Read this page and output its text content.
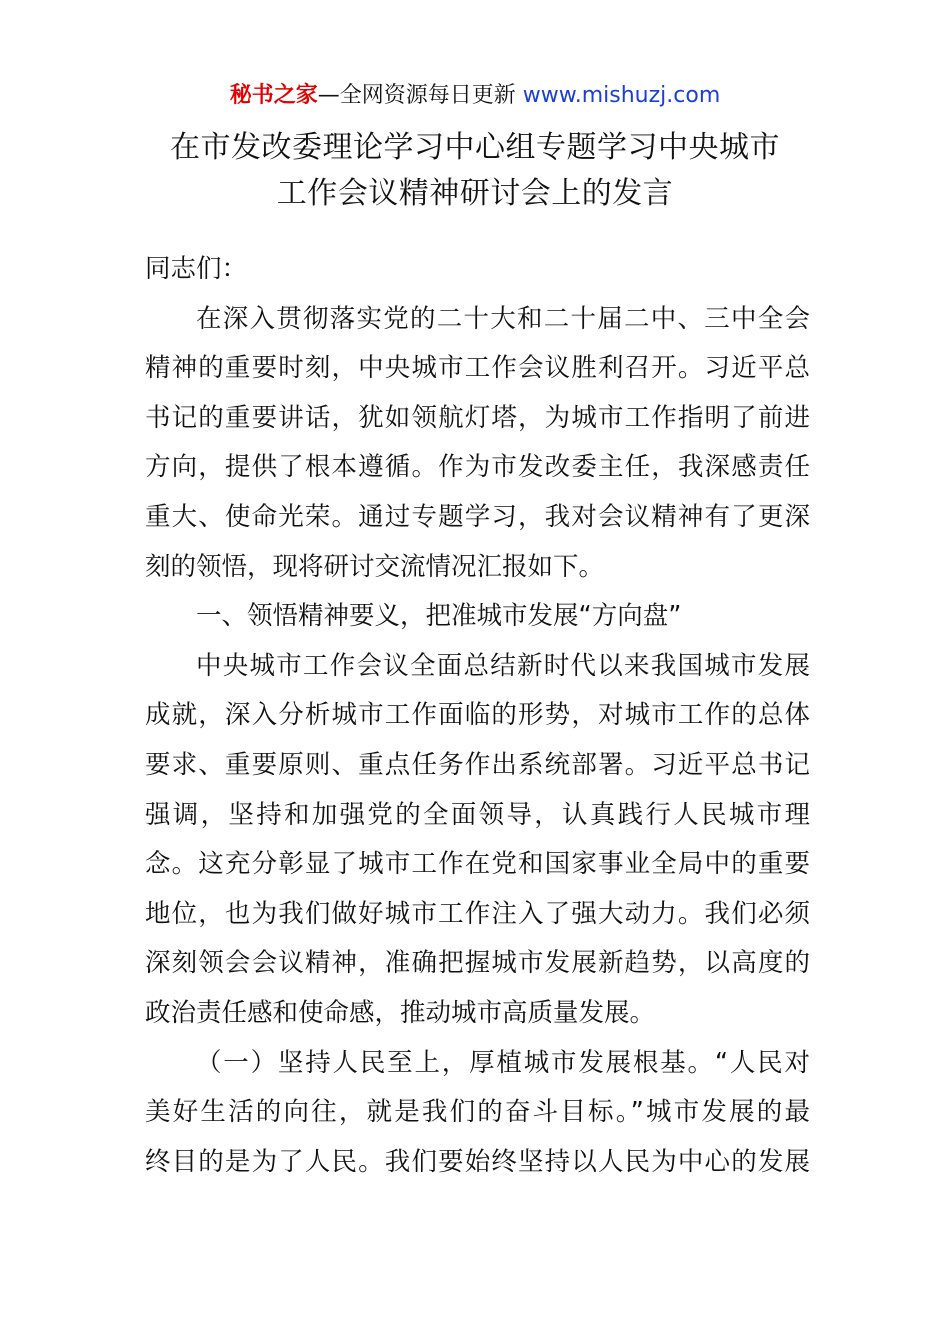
秘书之家—全网资源每日更新 www.mishuzj.com
在市发改委理论学习中心组专题学习中央城市
工作会议精神研讨会上的发言
同志们：
在深入贯彻落实党的二十大和二十届二中、三中全会
精神的重要时刻，中央城市工作会议胜利召开。习近平总
书记的重要讲话，犹如领航灯塔，为城市工作指明了前进
方向，提供了根本遵循。作为市发改委主任，我深感责任
重大、使命光荣。通过专题学习，我对会议精神有了更深
刻的领悟，现将研讨交流情况汇报如下。
一、领悟精神要义，把准城市发展“方向盘”
中央城市工作会议全面总结新时代以来我国城市发展
成就，深入分析城市工作面临的形势，对城市工作的总体
要求、重要原则、重点任务作出系统部署。习近平总书记
强调，坚持和加强党的全面领导，认真践行人民城市理
念。这充分彰显了城市工作在党和国家事业全局中的重要
地位，也为我们做好城市工作注入了强大动力。我们必须
深刻领会会议精神，准确把握城市发展新趋势，以高度的
政治责任感和使命感，推动城市高质量发展。
（一）坚持人民至上，厚植城市发展根基。“人民对
美好生活的向往，就是我们的奋斗目标。”城市发展的最
终目的是为了人民。我们要始终坚持以人民为中心的发展
